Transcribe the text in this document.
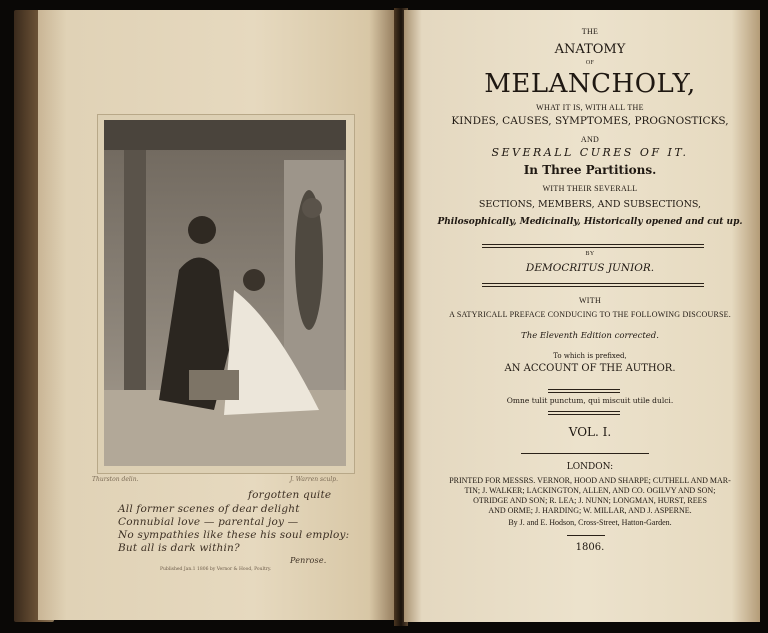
Thurston delin.	J. Warren sculp.
forgotten quite
All former scenes of dear delight
Connubial love — parental joy —
No sympathies like these his soul employ:
But all is dark within?
Penrose.
Published Jan.1 1806 by Vernor & Hood, Poultry.
THE
ANATOMY
OF
MELANCHOLY,
WHAT IT IS, WITH ALL THE
KINDES, CAUSES, SYMPTOMES, PROGNOSTICKS,
AND
SEVERALL CURES OF IT.
In Three Partitions.
WITH THEIR SEVERALL
SECTIONS, MEMBERS, AND SUBSECTIONS,
Philosophically, Medicinally, Historically opened and cut up.
BY
DEMOCRITUS JUNIOR.
WITH
A SATYRICALL PREFACE CONDUCING TO THE FOLLOWING DISCOURSE.
The Eleventh Edition corrected.
To which is prefixed,
AN ACCOUNT OF THE AUTHOR.
Omne tulit punctum, qui miscuit utile dulci.
VOL. I.
LONDON:
PRINTED FOR MESSRS. VERNOR, HOOD AND SHARPE; CUTHELL AND MAR-
TIN; J. WALKER; LACKINGTON, ALLEN, AND CO. OGILVY AND SON;
OTRIDGE AND SON; R. LEA; J. NUNN; LONGMAN, HURST, REES
AND ORME; J. HARDING; W. MILLAR, AND J. ASPERNE.
By J. and E. Hodson, Cross-Street, Hatton-Garden.
1806.
